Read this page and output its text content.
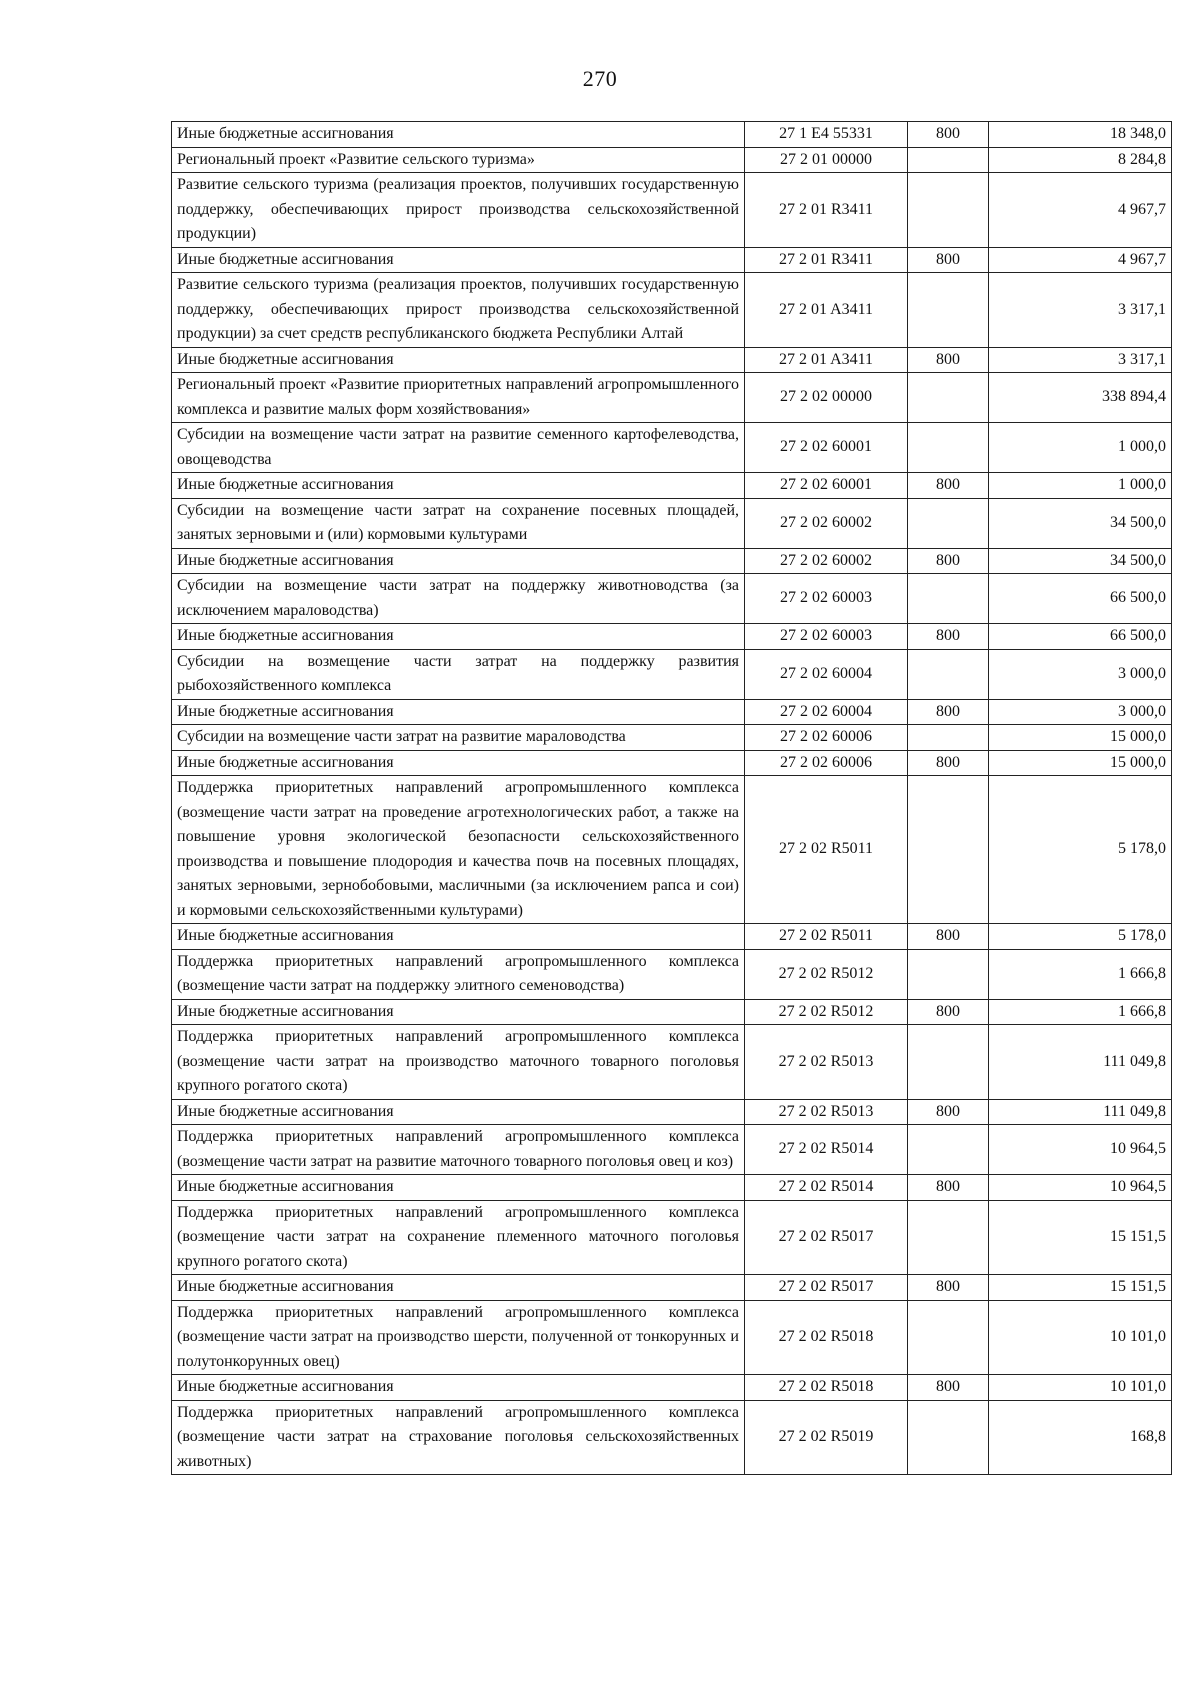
270
Иные бюджетные ассигнования	27 1 E4 55331	800	18 348,0
Региональный проект «Развитие сельского туризма»	27 2 01 00000		8 284,8
Развитие сельского туризма (реализация проектов, получивших государственную поддержку, обеспечивающих прирост производства сельскохозяйственной продукции)	27 2 01 R3411		4 967,7
Иные бюджетные ассигнования	27 2 01 R3411	800	4 967,7
Развитие сельского туризма (реализация проектов, получивших государственную поддержку, обеспечивающих прирост производства сельскохозяйственной продукции) за счет средств республиканского бюджета Республики Алтай	27 2 01 A3411		3 317,1
Иные бюджетные ассигнования	27 2 01 A3411	800	3 317,1
Региональный проект «Развитие приоритетных направлений агропромышленного комплекса и развитие малых форм хозяйствования»	27 2 02 00000		338 894,4
Субсидии на возмещение части затрат на развитие семенного картофелеводства, овощеводства	27 2 02 60001		1 000,0
Иные бюджетные ассигнования	27 2 02 60001	800	1 000,0
Субсидии на возмещение части затрат на сохранение посевных площадей, занятых зерновыми и (или) кормовыми культурами	27 2 02 60002		34 500,0
Иные бюджетные ассигнования	27 2 02 60002	800	34 500,0
Субсидии на возмещение части затрат на поддержку животноводства (за исключением мараловодства)	27 2 02 60003		66 500,0
Иные бюджетные ассигнования	27 2 02 60003	800	66 500,0
Субсидии на возмещение части затрат на поддержку развития рыбохозяйственного комплекса	27 2 02 60004		3 000,0
Иные бюджетные ассигнования	27 2 02 60004	800	3 000,0
Субсидии на возмещение части затрат на развитие мараловодства	27 2 02 60006		15 000,0
Иные бюджетные ассигнования	27 2 02 60006	800	15 000,0
Поддержка приоритетных направлений агропромышленного комплекса (возмещение части затрат на проведение агротехнологических работ, а также на повышение уровня экологической безопасности сельскохозяйственного производства и повышение плодородия и качества почв на посевных площадях, занятых зерновыми, зернобобовыми, масличными (за исключением рапса и сои) и кормовыми сельскохозяйственными культурами)	27 2 02 R5011		5 178,0
Иные бюджетные ассигнования	27 2 02 R5011	800	5 178,0
Поддержка приоритетных направлений агропромышленного комплекса (возмещение части затрат на поддержку элитного семеноводства)	27 2 02 R5012		1 666,8
Иные бюджетные ассигнования	27 2 02 R5012	800	1 666,8
Поддержка приоритетных направлений агропромышленного комплекса (возмещение части затрат на производство маточного товарного поголовья крупного рогатого скота)	27 2 02 R5013		111 049,8
Иные бюджетные ассигнования	27 2 02 R5013	800	111 049,8
Поддержка приоритетных направлений агропромышленного комплекса (возмещение части затрат на развитие маточного товарного поголовья овец и коз)	27 2 02 R5014		10 964,5
Иные бюджетные ассигнования	27 2 02 R5014	800	10 964,5
Поддержка приоритетных направлений агропромышленного комплекса (возмещение части затрат на сохранение племенного маточного поголовья крупного рогатого скота)	27 2 02 R5017		15 151,5
Иные бюджетные ассигнования	27 2 02 R5017	800	15 151,5
Поддержка приоритетных направлений агропромышленного комплекса (возмещение части затрат на производство шерсти, полученной от тонкорунных и полутонкорунных овец)	27 2 02 R5018		10 101,0
Иные бюджетные ассигнования	27 2 02 R5018	800	10 101,0
Поддержка приоритетных направлений агропромышленного комплекса (возмещение части затрат на страхование поголовья сельскохозяйственных животных)	27 2 02 R5019		168,8
